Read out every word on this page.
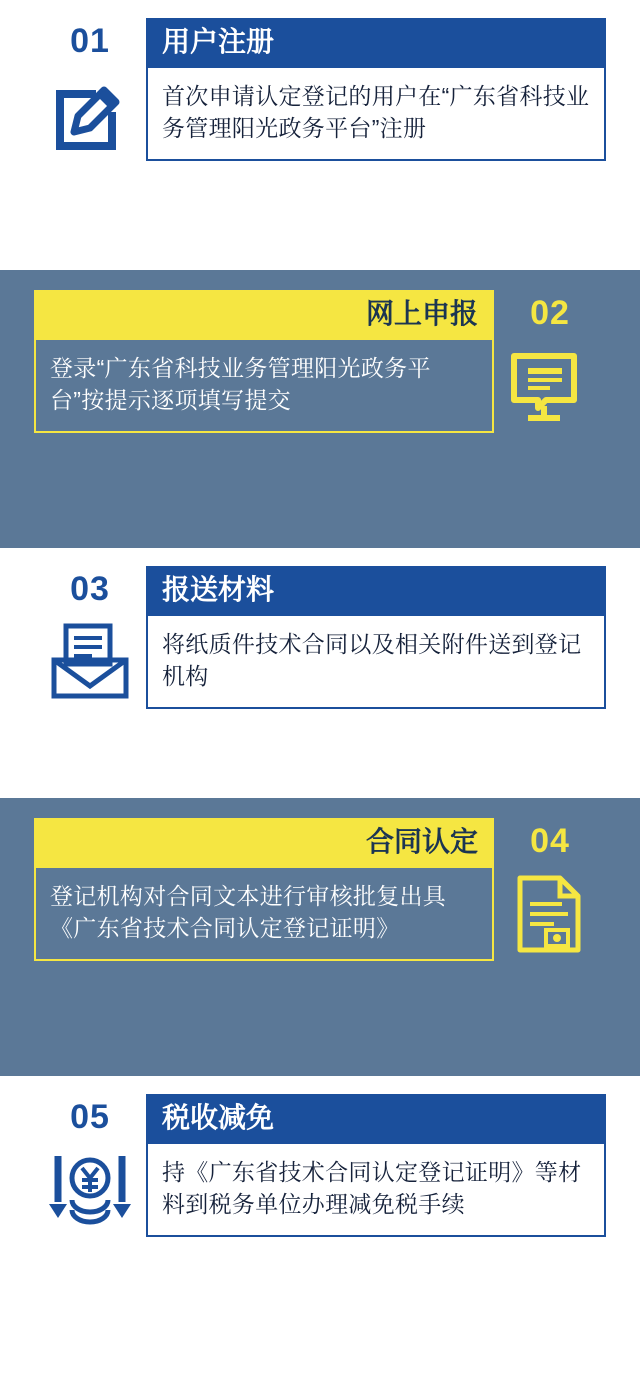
01	用户注册
首次申请认定登记的用户在“广东省科技业务管理阳光政务平台”注册
02
网上申报
登录“广东省科技业务管理阳光政务平台”按提示逐项填写提交
03	报送材料
将纸质件技术合同以及相关附件送到登记机构
04
合同认定
登记机构对合同文本进行审核批复出具《广东省技术合同认定登记证明》
05	税收减免
持《广东省技术合同认定登记证明》等材料到税务单位办理减免税手续
